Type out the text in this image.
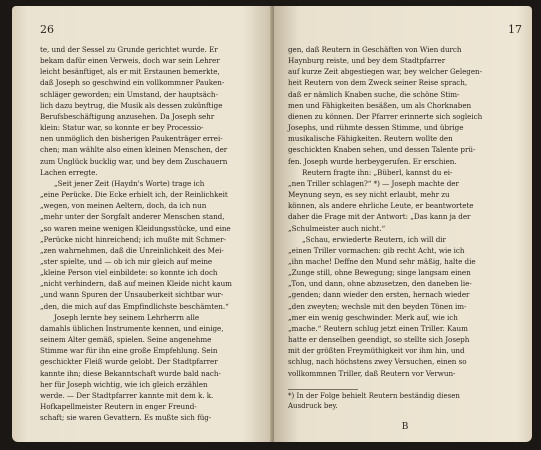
26
te, und der Sessel zu Grunde gerichtet wurde. Er
bekam dafür einen Verweis, doch war sein Lehrer
leicht besänftiget, als er mit Erstaunen bemerkte,
daß Joseph so geschwind ein vollkommner Pauken-
schläger geworden; ein Umstand, der hauptsäch-
lich dazu beytrug, die Musik als dessen zukünftige
Berufsbeschäftigung anzusehen. Da Joseph sehr
klein: Statur war, so konnte er bey Processio-
nen unmöglich den bisherigen Paukenträger errei-
chen; man wählte also einen kleinen Menschen, der
zum Unglück bucklig war, und bey dem Zuschauern
Lachen erregte.
„Seit jener Zeit (Haydn's Worte) trage ich
„eine Perücke. Die Ecke erhielt ich, der Reinlichkeit
„wegen, von meinen Aeltern, doch, da ich nun
„mehr unter der Sorgfalt anderer Menschen stand,
„so waren meine wenigen Kleidungsstücke, und eine
„Perücke nicht hinreichend; ich mußte mit Schmer-
„zen wahrnehmen, daß die Unreinlichkeit des Mei-
„ster spielte, und — ob ich mir gleich auf meine
„kleine Person viel einbildete: so konnte ich doch
„nicht verhindern, daß auf meinen Kleide nicht kaum
„und wann Spuren der Unsauberkeit sichtbar wur-
„den, die mich auf das Empfindlichste beschämten.“
Joseph lernte bey seinem Lehrherrn alle
damahls üblichen Instrumente kennen, und einige,
seinem Alter gemäß, spielen. Seine angenehme
Stimme war für ihn eine große Empfehlung. Sein
geschickter Fleiß wurde gelobt. Der Stadtpfarrer
kannte ihn; diese Bekanntschaft wurde bald nach-
her für Joseph wichtig, wie ich gleich erzählen
werde. — Der Stadtpfarrer kannte mit dem k. k.
Hofkapellmeister Reutern in enger Freund-
schaft; sie waren Gevattern. Es mußte sich füg-
17
gen, daß Reutern in Geschäften von Wien durch
Haynburg reiste, und bey dem Stadtpfarrer
auf kurze Zeit abgestiegen war, bey welcher Gelegen-
heit Reutern von dem Zweck seiner Reise sprach,
daß er nämlich Knaben suche, die schöne Stim-
men und Fähigkeiten besäßen, um als Chorknaben
dienen zu können. Der Pfarrer erinnerte sich sogleich
Josephs, und rühmte dessen Stimme, und übrige
musikalische Fähigkeiten. Reutern wollte den
geschickten Knaben sehen, und dessen Talente prü-
fen. Joseph wurde herbeygerufen. Er erschien.
Reutern fragte ihn: „Büberl, kannst du ei-
„nen Triller schlagen?“ *) — Joseph machte der
Meynung seyn, es sey nicht erlaubt, mehr zu
können, als andere ehrliche Leute, er beantwortete
daher die Frage mit der Antwort: „Das kann ja der
„Schulmeister auch nicht.“
„Schau, erwiederte Reutern, ich will dir
„einen Triller vormachen: gib recht Acht, wie ich
„ihn mache! Deffne den Mund sehr mäßig, halte die
„Zunge still, ohne Bewegung; singe langsam einen
„Ton, und dann, ohne abzusetzen, den daneben lie-
„genden; dann wieder den ersten, hernach wieder
„den zweyten; wechsle mit den beyden Tönen im-
„mer ein wenig geschwinder. Merk auf, wie ich
„mache.“ Reutern schlug jetzt einen Triller. Kaum
hatte er denselben geendigt, so stellte sich Joseph
mit der größten Freymüthigkeit vor ihm hin, und
schlug, nach höchstens zwey Versuchen, einen so
vollkommnen Triller, daß Reutern vor Verwun-
*) In der Folge behielt Reutern beständig diesen
Ausdruck bey.
B
